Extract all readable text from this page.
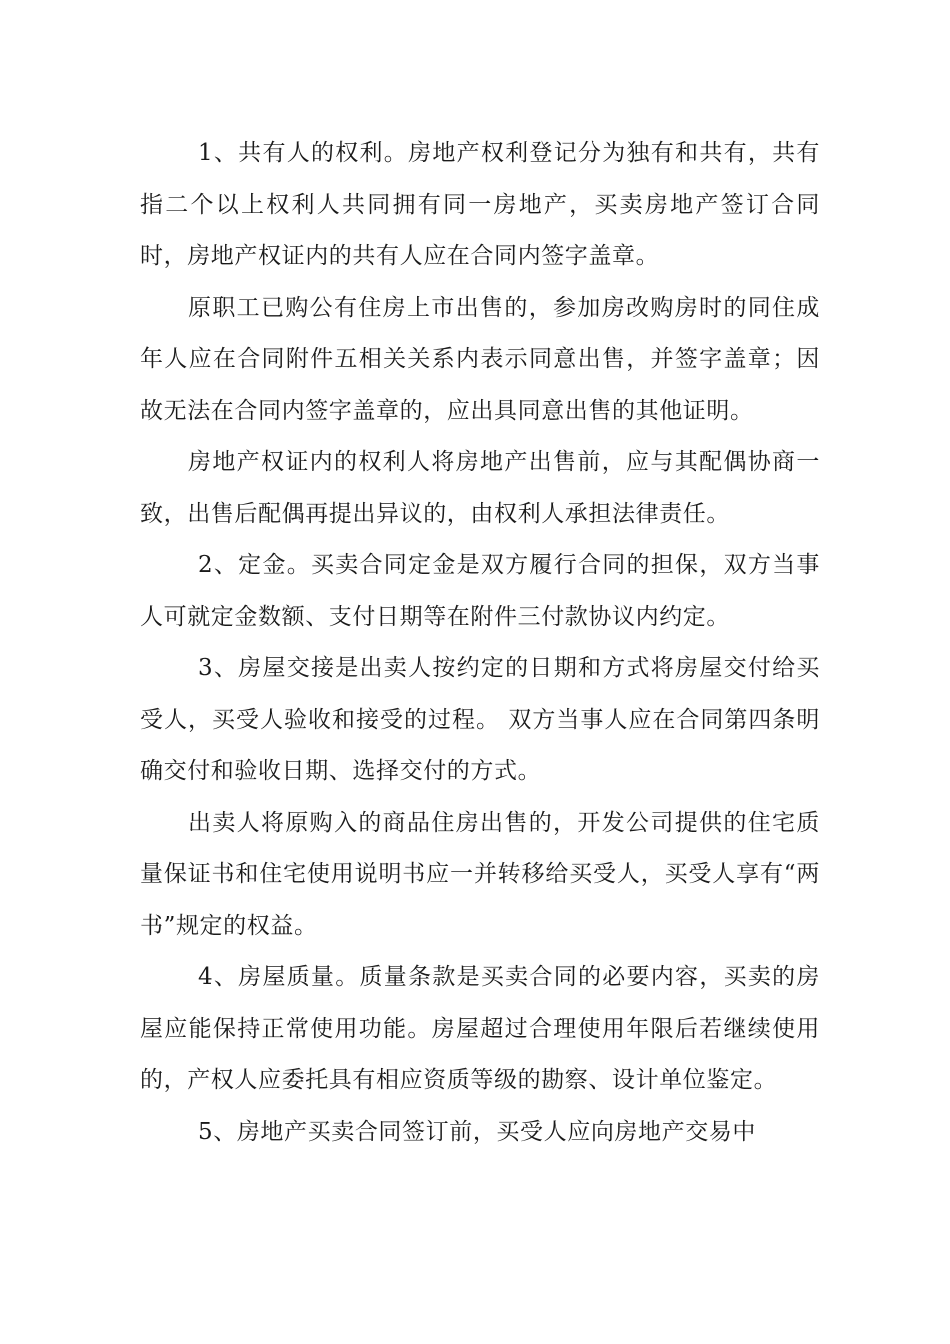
1、共有人的权利。房地产权利登记分为独有和共有，共有指二个以上权利人共同拥有同一房地产，买卖房地产签订合同时，房地产权证内的共有人应在合同内签字盖章。

原职工已购公有住房上市出售的，参加房改购房时的同住成年人应在合同附件五相关关系内表示同意出售，并签字盖章；因故无法在合同内签字盖章的，应出具同意出售的其他证明。

房地产权证内的权利人将房地产出售前，应与其配偶协商一致，出售后配偶再提出异议的，由权利人承担法律责任。

2、定金。买卖合同定金是双方履行合同的担保，双方当事人可就定金数额、支付日期等在附件三付款协议内约定。

3、房屋交接是出卖人按约定的日期和方式将房屋交付给买受人，买受人验收和接受的过程。 双方当事人应在合同第四条明确交付和验收日期、选择交付的方式。

出卖人将原购入的商品住房出售的，开发公司提供的住宅质量保证书和住宅使用说明书应一并转移给买受人，买受人享有“两书”规定的权益。

4、房屋质量。质量条款是买卖合同的必要内容，买卖的房屋应能保持正常使用功能。房屋超过合理使用年限后若继续使用的，产权人应委托具有相应资质等级的勘察、设计单位鉴定。

5、房地产买卖合同签订前，买受人应向房地产交易中
